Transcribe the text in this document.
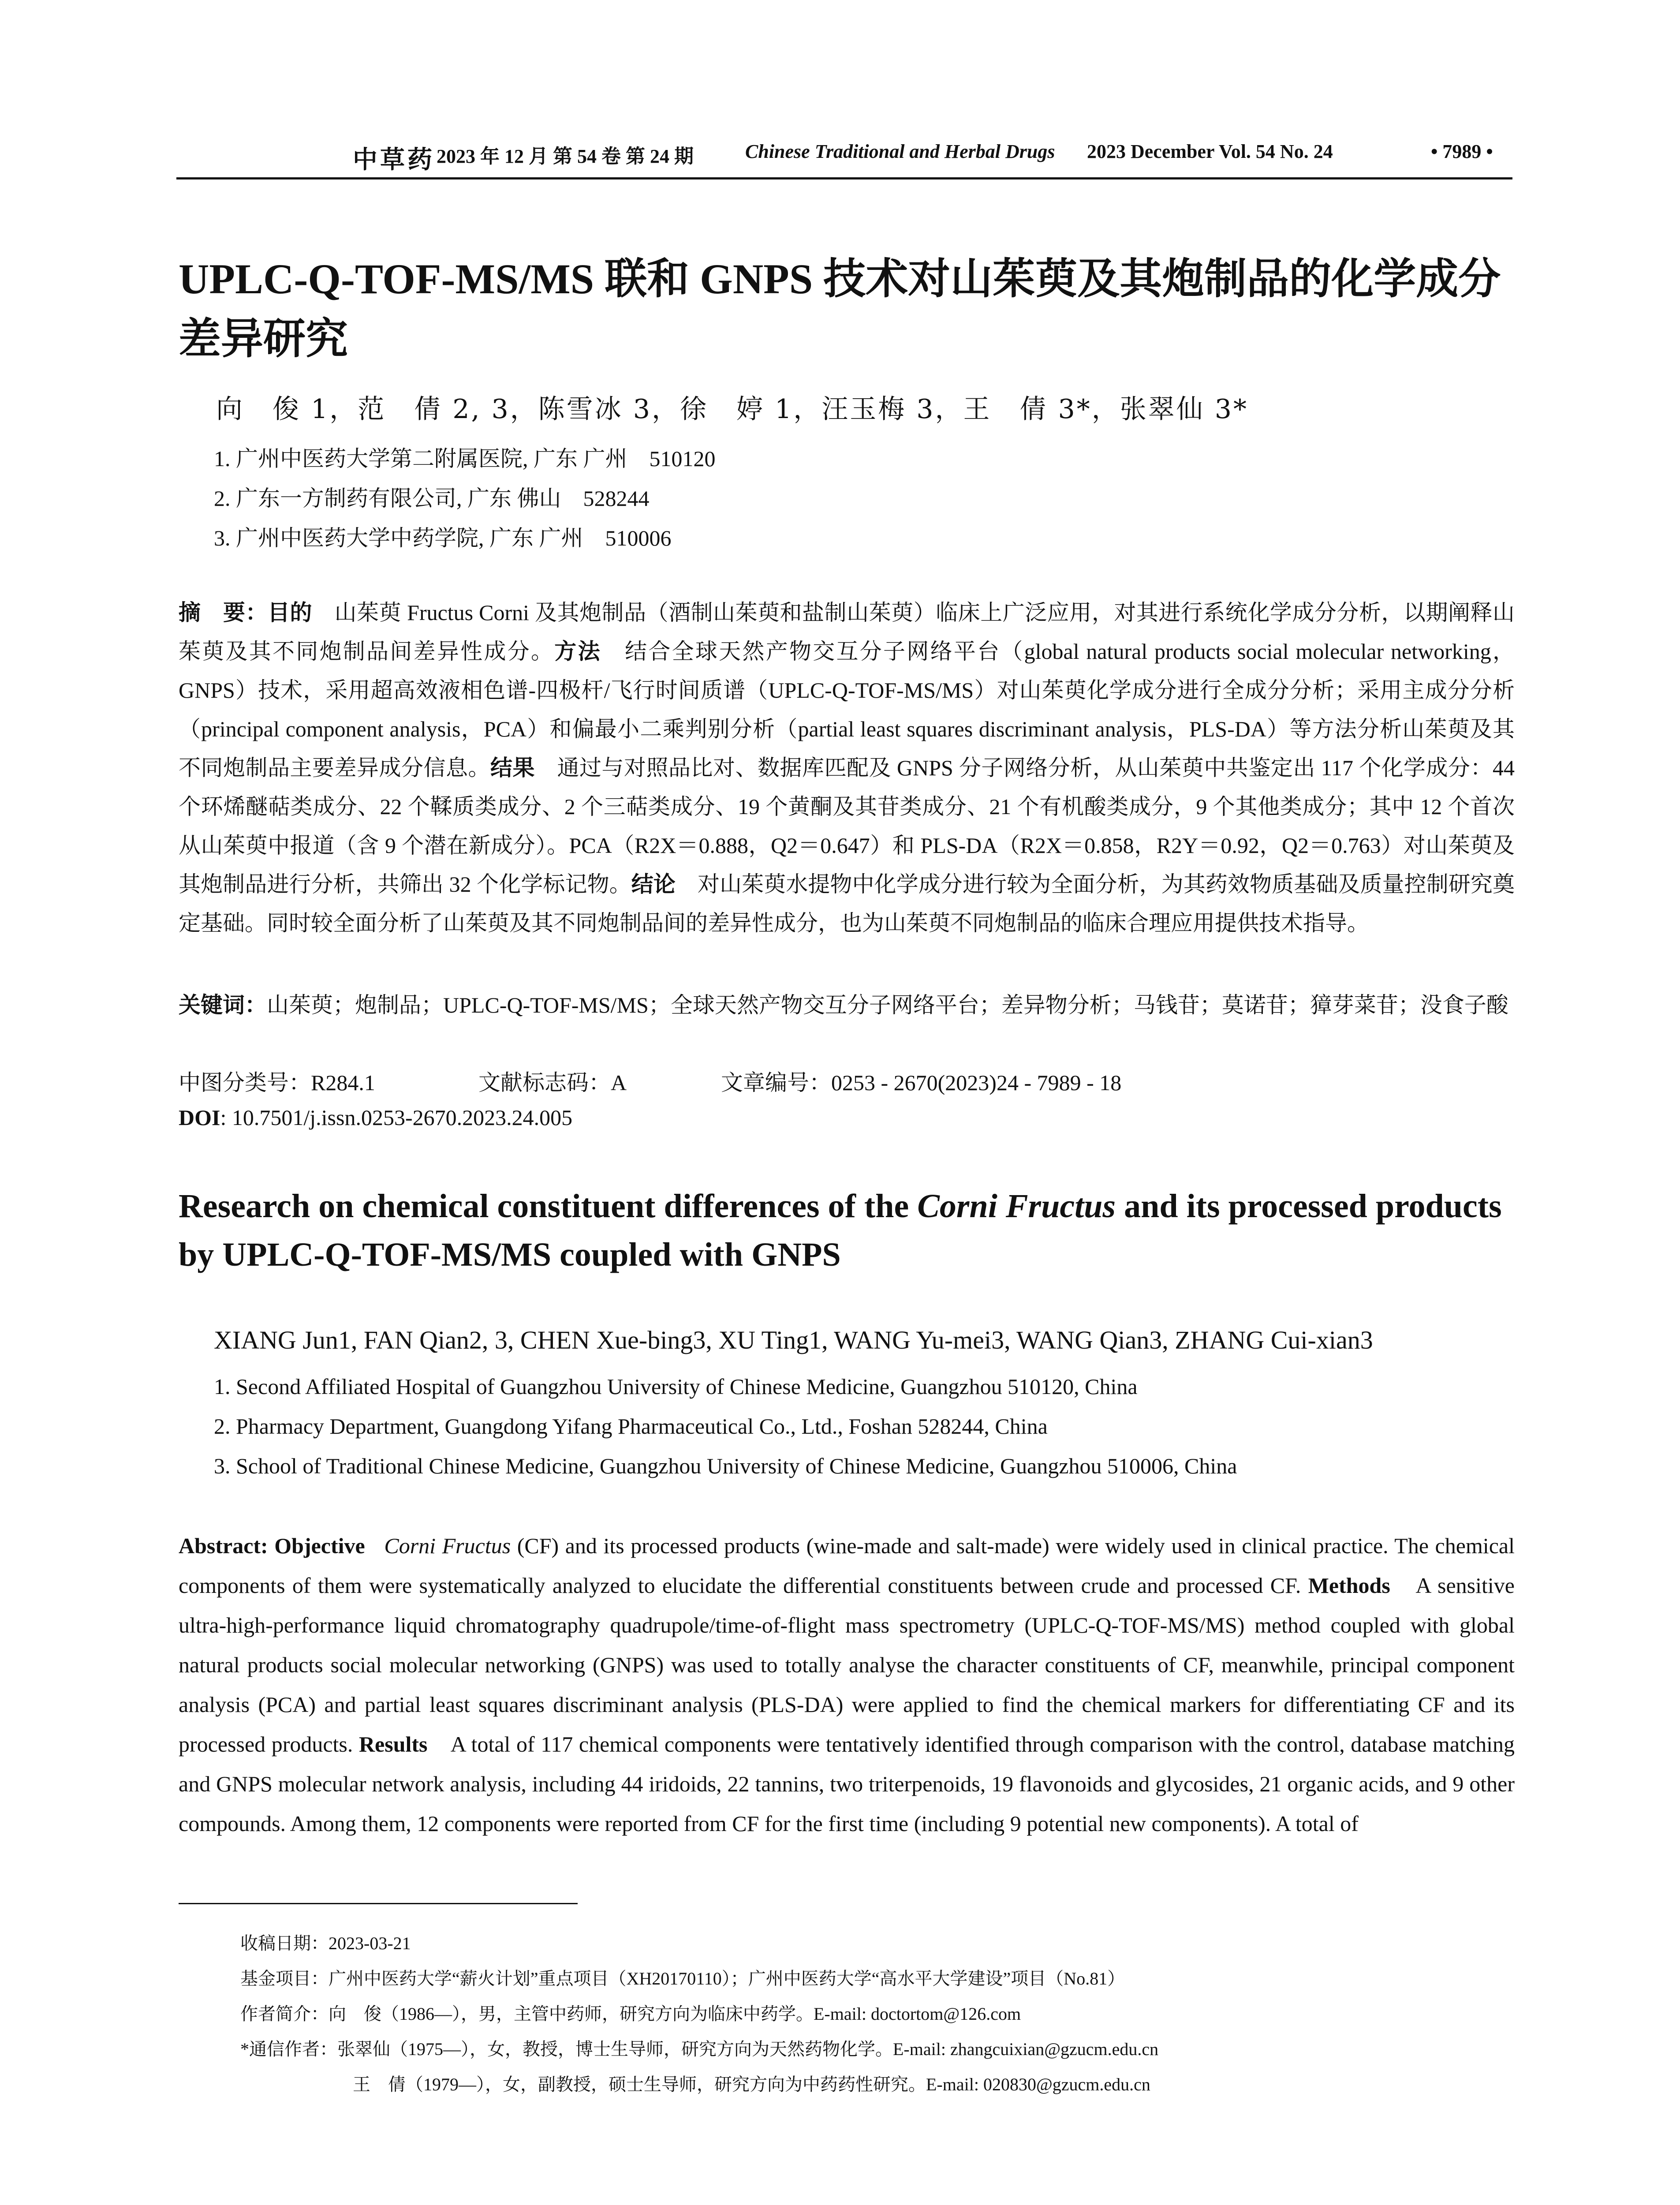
中草药 2023 年 12 月 第 54 卷 第 24 期	Chinese Traditional and Herbal Drugs 2023 December Vol. 54 No. 24	• 7989 •
UPLC-Q-TOF-MS/MS 联和 GNPS 技术对山茱萸及其炮制品的化学成分差异研究
向　俊 1，范　倩 2, 3，陈雪冰 3，徐　婷 1，汪玉梅 3，王　倩 3*，张翠仙 3*
1. 广州中医药大学第二附属医院, 广东 广州　510120
2. 广东一方制药有限公司, 广东 佛山　528244
3. 广州中医药大学中药学院, 广东 广州　510006
摘　要：目的　山茱萸 Fructus Corni 及其炮制品（酒制山茱萸和盐制山茱萸）临床上广泛应用，对其进行系统化学成分分析，以期阐释山茱萸及其不同炮制品间差异性成分。方法　结合全球天然产物交互分子网络平台（global natural products social molecular networking，GNPS）技术，采用超高效液相色谱-四极杆/飞行时间质谱（UPLC-Q-TOF-MS/MS）对山茱萸化学成分进行全成分分析；采用主成分分析（principal component analysis，PCA）和偏最小二乘判别分析（partial least squares discriminant analysis，PLS-DA）等方法分析山茱萸及其不同炮制品主要差异成分信息。结果　通过与对照品比对、数据库匹配及 GNPS 分子网络分析，从山茱萸中共鉴定出 117 个化学成分：44 个环烯醚萜类成分、22 个鞣质类成分、2 个三萜类成分、19 个黄酮及其苷类成分、21 个有机酸类成分，9 个其他类成分；其中 12 个首次从山茱萸中报道（含 9 个潜在新成分）。PCA（R2X＝0.888，Q2＝0.647）和 PLS-DA（R2X＝0.858，R2Y＝0.92，Q2＝0.763）对山茱萸及其炮制品进行分析，共筛出 32 个化学标记物。结论　对山茱萸水提物中化学成分进行较为全面分析，为其药效物质基础及质量控制研究奠定基础。同时较全面分析了山茱萸及其不同炮制品间的差异性成分，也为山茱萸不同炮制品的临床合理应用提供技术指导。
关键词：山茱萸；炮制品；UPLC-Q-TOF-MS/MS；全球天然产物交互分子网络平台；差异物分析；马钱苷；莫诺苷；獐芽菜苷；没食子酸
中图分类号：R284.1	文献标志码：A	文章编号：0253 - 2670(2023)24 - 7989 - 18
DOI: 10.7501/j.issn.0253-2670.2023.24.005
Research on chemical constituent differences of the Corni Fructus and its processed products by UPLC-Q-TOF-MS/MS coupled with GNPS
XIANG Jun1, FAN Qian2, 3, CHEN Xue-bing3, XU Ting1, WANG Yu-mei3, WANG Qian3, ZHANG Cui-xian3
1. Second Affiliated Hospital of Guangzhou University of Chinese Medicine, Guangzhou 510120, China
2. Pharmacy Department, Guangdong Yifang Pharmaceutical Co., Ltd., Foshan 528244, China
3. School of Traditional Chinese Medicine, Guangzhou University of Chinese Medicine, Guangzhou 510006, China
Abstract: Objective Corni Fructus (CF) and its processed products (wine-made and salt-made) were widely used in clinical practice. The chemical components of them were systematically analyzed to elucidate the differential constituents between crude and processed CF. Methods　A sensitive ultra-high-performance liquid chromatography quadrupole/time-of-flight mass spectrometry (UPLC-Q-TOF-MS/MS) method coupled with global natural products social molecular networking (GNPS) was used to totally analyse the character constituents of CF, meanwhile, principal component analysis (PCA) and partial least squares discriminant analysis (PLS-DA) were applied to find the chemical markers for differentiating CF and its processed products. Results　A total of 117 chemical components were tentatively identified through comparison with the control, database matching and GNPS molecular network analysis, including 44 iridoids, 22 tannins, two triterpenoids, 19 flavonoids and glycosides, 21 organic acids, and 9 other compounds. Among them, 12 components were reported from CF for the first time (including 9 potential new components). A total of
收稿日期：2023-03-21
基金项目：广州中医药大学“薪火计划”重点项目（XH20170110）；广州中医药大学“高水平大学建设”项目（No.81）
作者简介：向　俊（1986—），男，主管中药师，研究方向为临床中药学。E-mail: doctortom@126.com
*通信作者：张翠仙（1975—），女，教授，博士生导师，研究方向为天然药物化学。E-mail: zhangcuixian@gzucm.edu.cn
王　倩（1979—），女，副教授，硕士生导师，研究方向为中药药性研究。E-mail: 020830@gzucm.edu.cn
